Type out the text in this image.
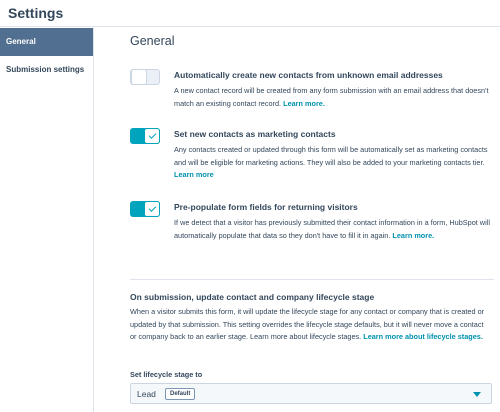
Settings
General
Submission settings
General
Automatically create new contacts from unknown email addresses
A new contact record will be created from any form submission with an email address that doesn't match an existing contact record. Learn more.
Set new contacts as marketing contacts
Any contacts created or updated through this form will be automatically set as marketing contacts and will be eligible for marketing actions. They will also be added to your marketing contacts tier. Learn more
Pre-populate form fields for returning visitors
If we detect that a visitor has previously submitted their contact information in a form, HubSpot will automatically populate that data so they don't have to fill it in again. Learn more.
On submission, update contact and company lifecycle stage
When a visitor submits this form, it will update the lifecycle stage for any contact or company that is created or updated by that submission. This setting overrides the lifecycle stage defaults, but it will never move a contact or company back to an earlier stage. Learn more about lifecycle stages. Learn more about lifecycle stages.
Set lifecycle stage to
Lead	Default
